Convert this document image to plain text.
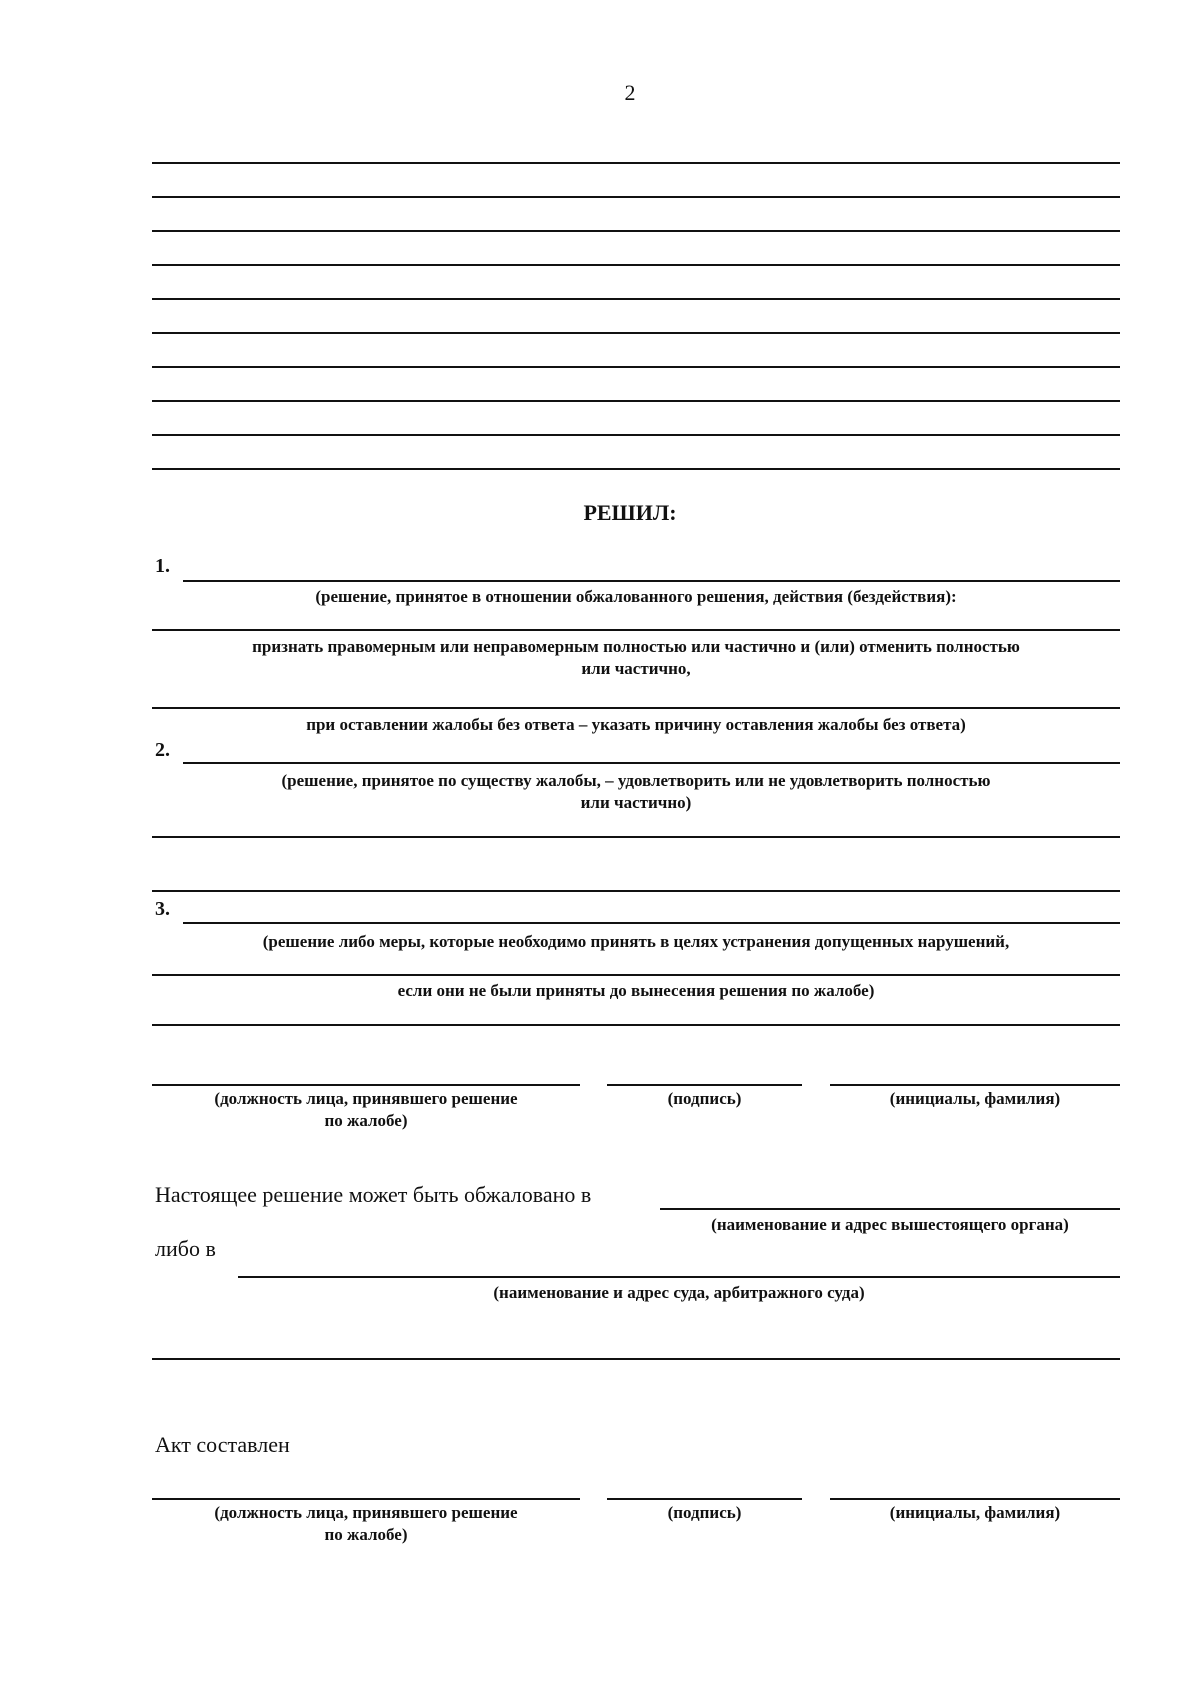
2
РЕШИЛ:
1.
(решение, принятое в отношении обжалованного решения, действия (бездействия):
признать правомерным или неправомерным полностью или частично и (или) отменить полностью
или частично,
при оставлении жалобы без ответа – указать причину оставления жалобы без ответа)
2.
(решение, принятое по существу жалобы, – удовлетворить или не удовлетворить полностью
или частично)
3.
(решение либо меры, которые необходимо принять в целях устранения допущенных нарушений,
если они не были приняты до вынесения решения по жалобе)
(должность лица, принявшего решение
по жалобе)
(подпись)	(инициалы, фамилия)
Настоящее решение может быть обжаловано в
(наименование и адрес вышестоящего органа)
либо в
(наименование и адрес суда, арбитражного суда)
Акт составлен
(должность лица, принявшего решение
по жалобе)
(подпись)	(инициалы, фамилия)
